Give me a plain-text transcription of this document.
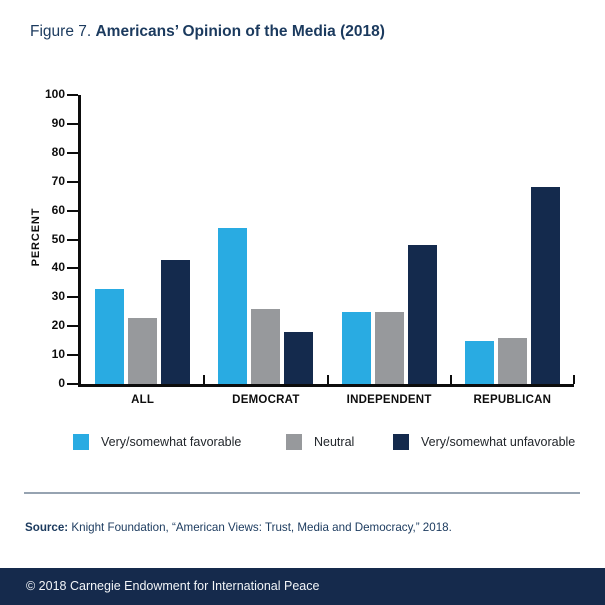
Figure 7. Americans’ Opinion of the Media (2018)
PERCENT
0
10
20
30
40
50
60
70
80
90
100
ALL	DEMOCRAT	INDEPENDENT	REPUBLICAN
Very/somewhat favorable	Neutral	Very/somewhat unfavorable
Source: Knight Foundation, “American Views: Trust, Media and Democracy,” 2018.
© 2018 Carnegie Endowment for International Peace
